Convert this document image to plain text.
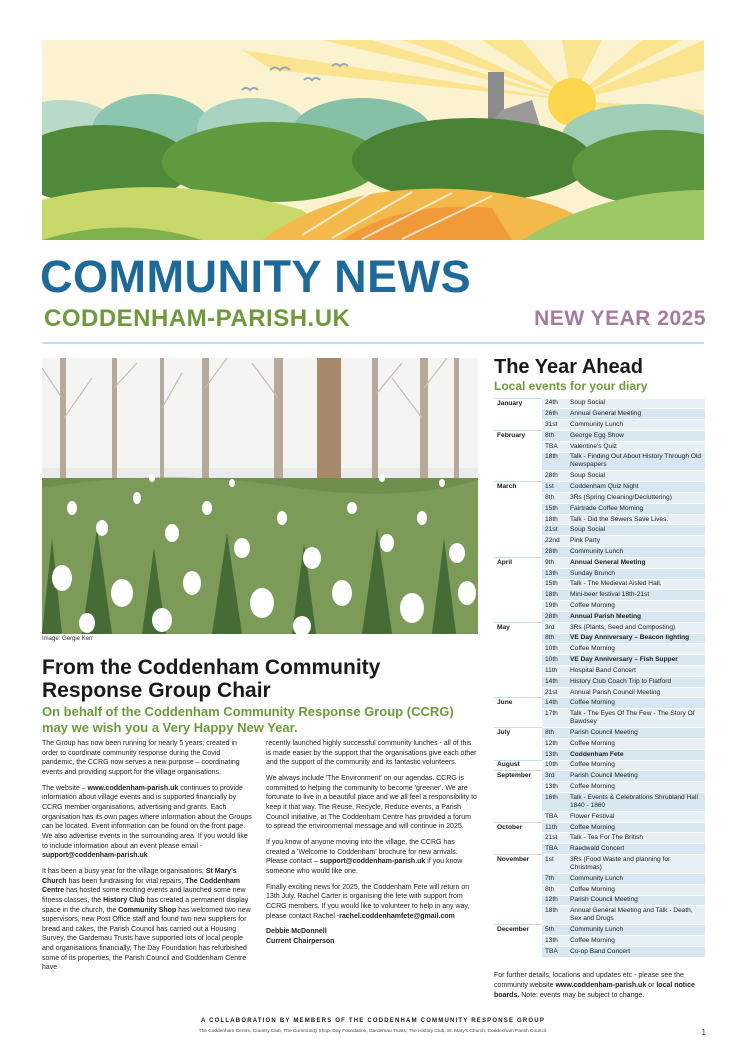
COMMUNITY NEWS
CODDENHAM-PARISH.UK	NEW YEAR 2025
Image: Gergie Kerr
From the Coddenham Community Response Group Chair
On behalf of the Coddenham Community Response Group (CCRG) may we wish you a Very Happy New Year.

The Group has now been running for nearly 5 years; created in order to coordinate community response during the Covid pandemic, the CCRG now serves a new purpose – coordinating events and providing support for the village organisations.

The website – www.coddenham-parish.uk continues to provide information about village events and is supported financially by CCRG member organisations, advertising and grants. Each organisation has its own pages where information about the Groups can be located. Event information can be found on the front page. We also advertise events in the surrounding area. If you would like to include information about an event please email - support@coddenham-parish.uk

It has been a busy year for the village organisations; St Mary's Church has been fundraising for vital repairs, The Coddenham Centre has hosted some exciting events and launched some new fitness classes, the History Club has created a permanent display space in the church, the Community Shop has welcomed two new supervisors, new Post Office staff and found two new suppliers for bread and cakes, the Parish Council has carried out a Housing Survey, the Gardemau Trusts have supported lots of local people and organisations financially, The Day Foundation has refurbished some of its properties, the Parish Council and Coddenham Centre have

recently launched highly successful community lunches - all of this is made easier by the support that the organisations give each other and the support of the community and its fantastic volunteers.

We always include 'The Environment' on our agendas. CCRG is committed to helping the community to become 'greener'. We are fortunate to live in a beautiful place and we all feel a responsibility to keep it that way. The Reuse, Recycle, Reduce events, a Parish Council initiative, at The Coddenham Centre has provided a forum to spread the environmental message and will continue in 2025.

If you know of anyone moving into the village, the CCRG has created a 'Welcome to Coddenham' brochure for new arrivals. Please contact – support@coddenham-parish.uk if you know someone who would like one.

Finally exciting news for 2025, the Coddenham Fete will return on 13th July. Rachel Carter is organising the fete with support from CCRG members. If you would like to volunteer to help in any way, please contact Rachel -rachel.coddenhamfete@gmail.com

Debbie McDonnell
Current Chairperson

The Year Ahead
Local events for your diary
January	24th	Soup Social
	26th	Annual General Meeting
	31st	Community Lunch
February	8th	George Egg Show
	TBA	Valentine's Quiz
	18th	Talk - Finding Out About History Through Old Newspapers
	28th	Soup Social
March	1st	Coddenham Quiz Night
	8th	3Rs (Spring Cleaning/Decluttering)
	15th	Fairtrade Coffee Morning
	18th	Talk - Did the Sewers Save Lives.
	21st	Soup Social
	22nd	Pink Party
	28th	Community Lunch
April	9th	Annual General Meeting
	13th	Sunday Brunch
	15th	Talk - The Medieval Aisled Hall.
	18th	Mini-beer festival 18th-21st
	19th	Coffee Morning
	28th	Annual Parish Meeting
May	3rd	3Rs (Plants, Seed and Composting)
	8th	VE Day Anniversary – Beacon lighting
	10th	Coffee Morning
	10th	VE Day Anniversary – Fish Supper
	11th	Hospital Band Concert
	14th	History Club Coach Trip to Flatford
	21st	Annual Parish Council Meeting
June	14th	Coffee Morning
	17th	Talk - The Eyes Of The Few - The Story Of Bawdsey
July	8th	Parish Council Meeting
	12th	Coffee Morning
	13th	Coddenham Fete
August	10th	Coffee Morning
September	3rd	Parish Council Meeting
	13th	Coffee Morning
	16th	Talk - Events & Celebrations Shrubland Hall 1840 - 1860
	TBA	Flower Festival
October	11th	Coffee Morning
	21st	Talk - Tea For The British
	TBA	Raedwald Concert
November	1st	3Rs (Food Waste and planning for Christmas)
	7th	Community Lunch
	8th	Coffee Morning
	12th	Parish Council Meeting
	18th	Annual General Meeting and Talk - Death, Sex and Drugs
December	5th	Community Lunch
	13th	Coffee Morning
	TBA	Co-op Band Concert
For further details, locations and updates etc - please see the community website www.coddenham-parish.uk or local notice boards. Note: events may be subject to change.
A COLLABORATION BY MEMBERS OF THE CODDENHAM COMMUNITY RESPONSE GROUP
The Coddenham Centre, Country Club, The Community Shop, Day Foundation, Gardemau Trusts, The History Club, St. Mary's Church, Coddenham Parish Council.	1
